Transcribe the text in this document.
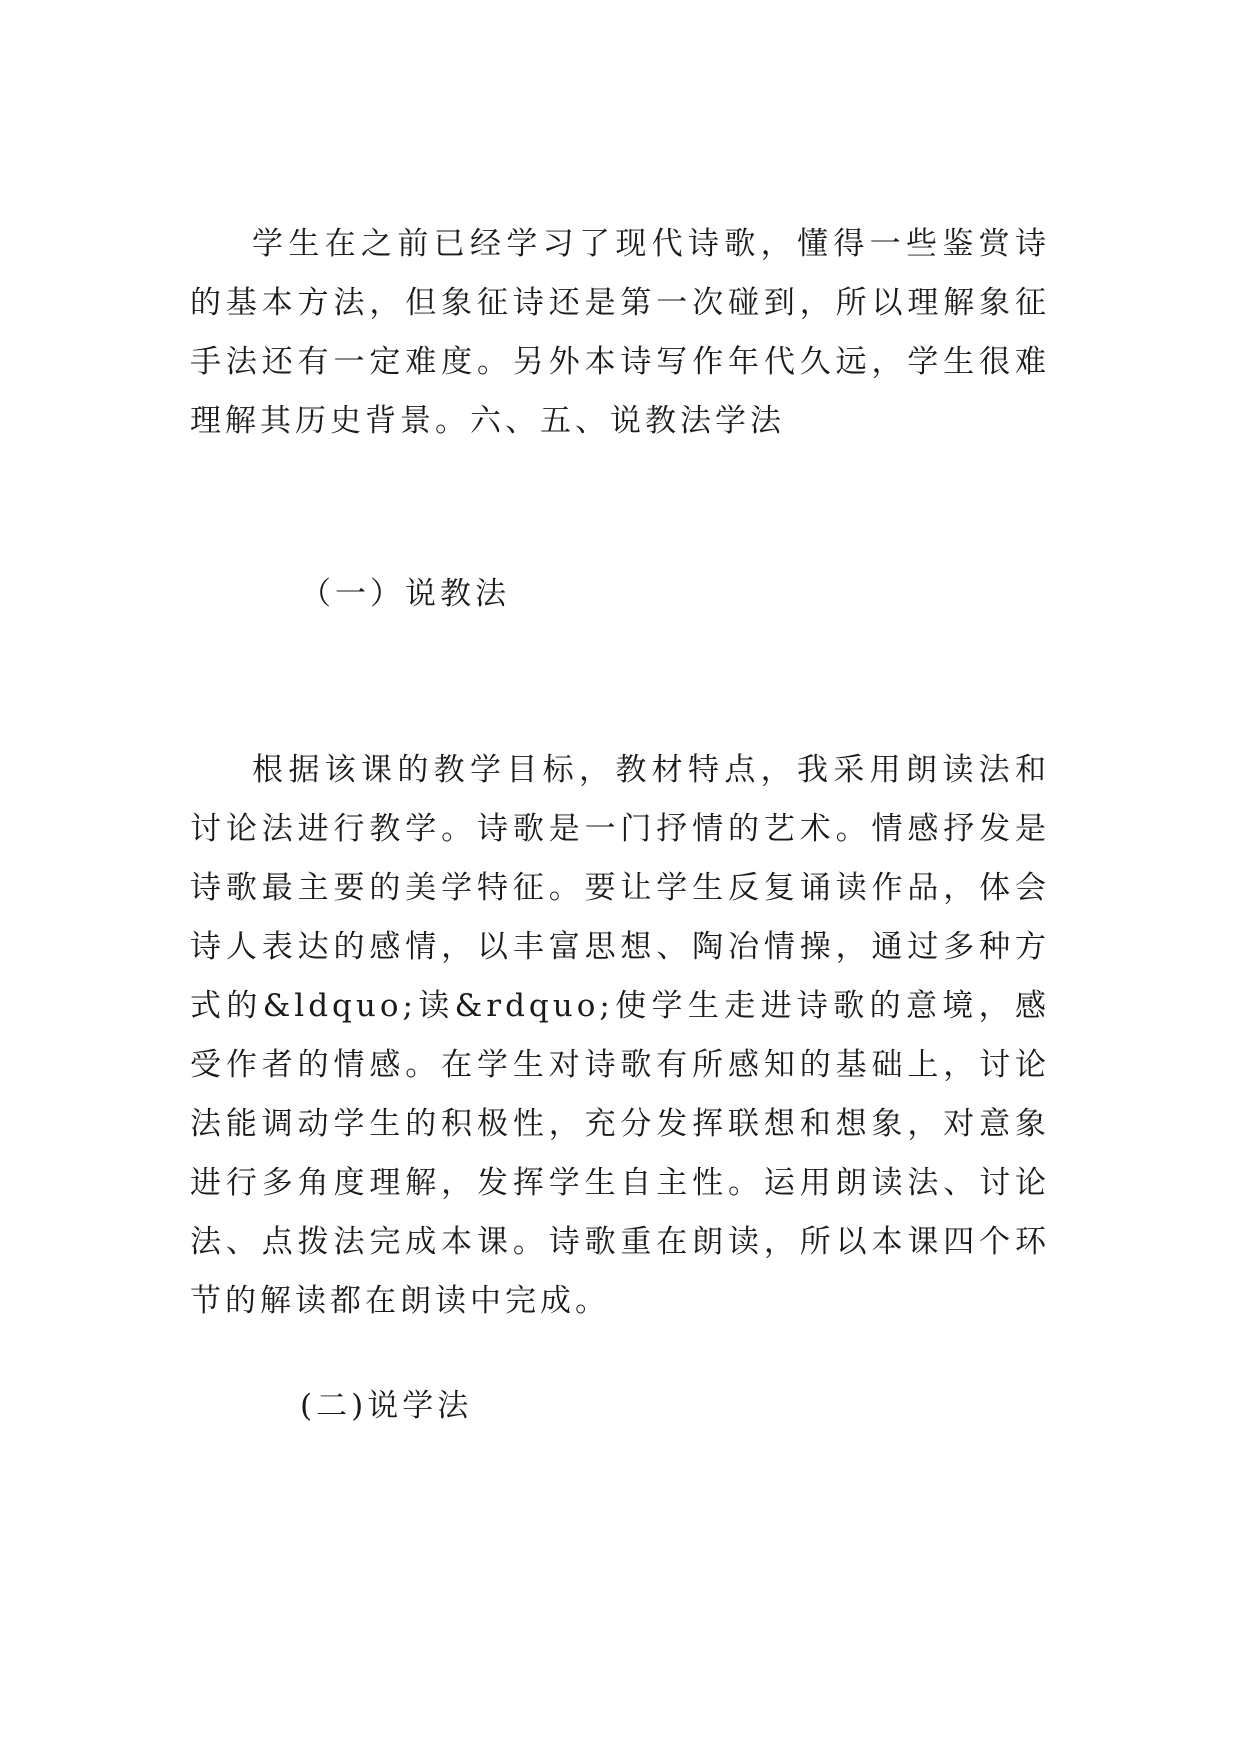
学生在之前已经学习了现代诗歌，懂得一些鉴赏诗的基本方法，但象征诗还是第一次碰到，所以理解象征手法还有一定难度。另外本诗写作年代久远，学生很难理解其历史背景。六、五、说教法学法

（一）说教法

根据该课的教学目标，教材特点，我采用朗读法和讨论法进行教学。诗歌是一门抒情的艺术。情感抒发是诗歌最主要的美学特征。要让学生反复诵读作品，体会诗人表达的感情，以丰富思想、陶冶情操，通过多种方式的&ldquo;读&rdquo;使学生走进诗歌的意境，感受作者的情感。在学生对诗歌有所感知的基础上，讨论法能调动学生的积极性，充分发挥联想和想象，对意象进行多角度理解，发挥学生自主性。运用朗读法、讨论法、点拨法完成本课。诗歌重在朗读，所以本课四个环节的解读都在朗读中完成。

(二)说学法
